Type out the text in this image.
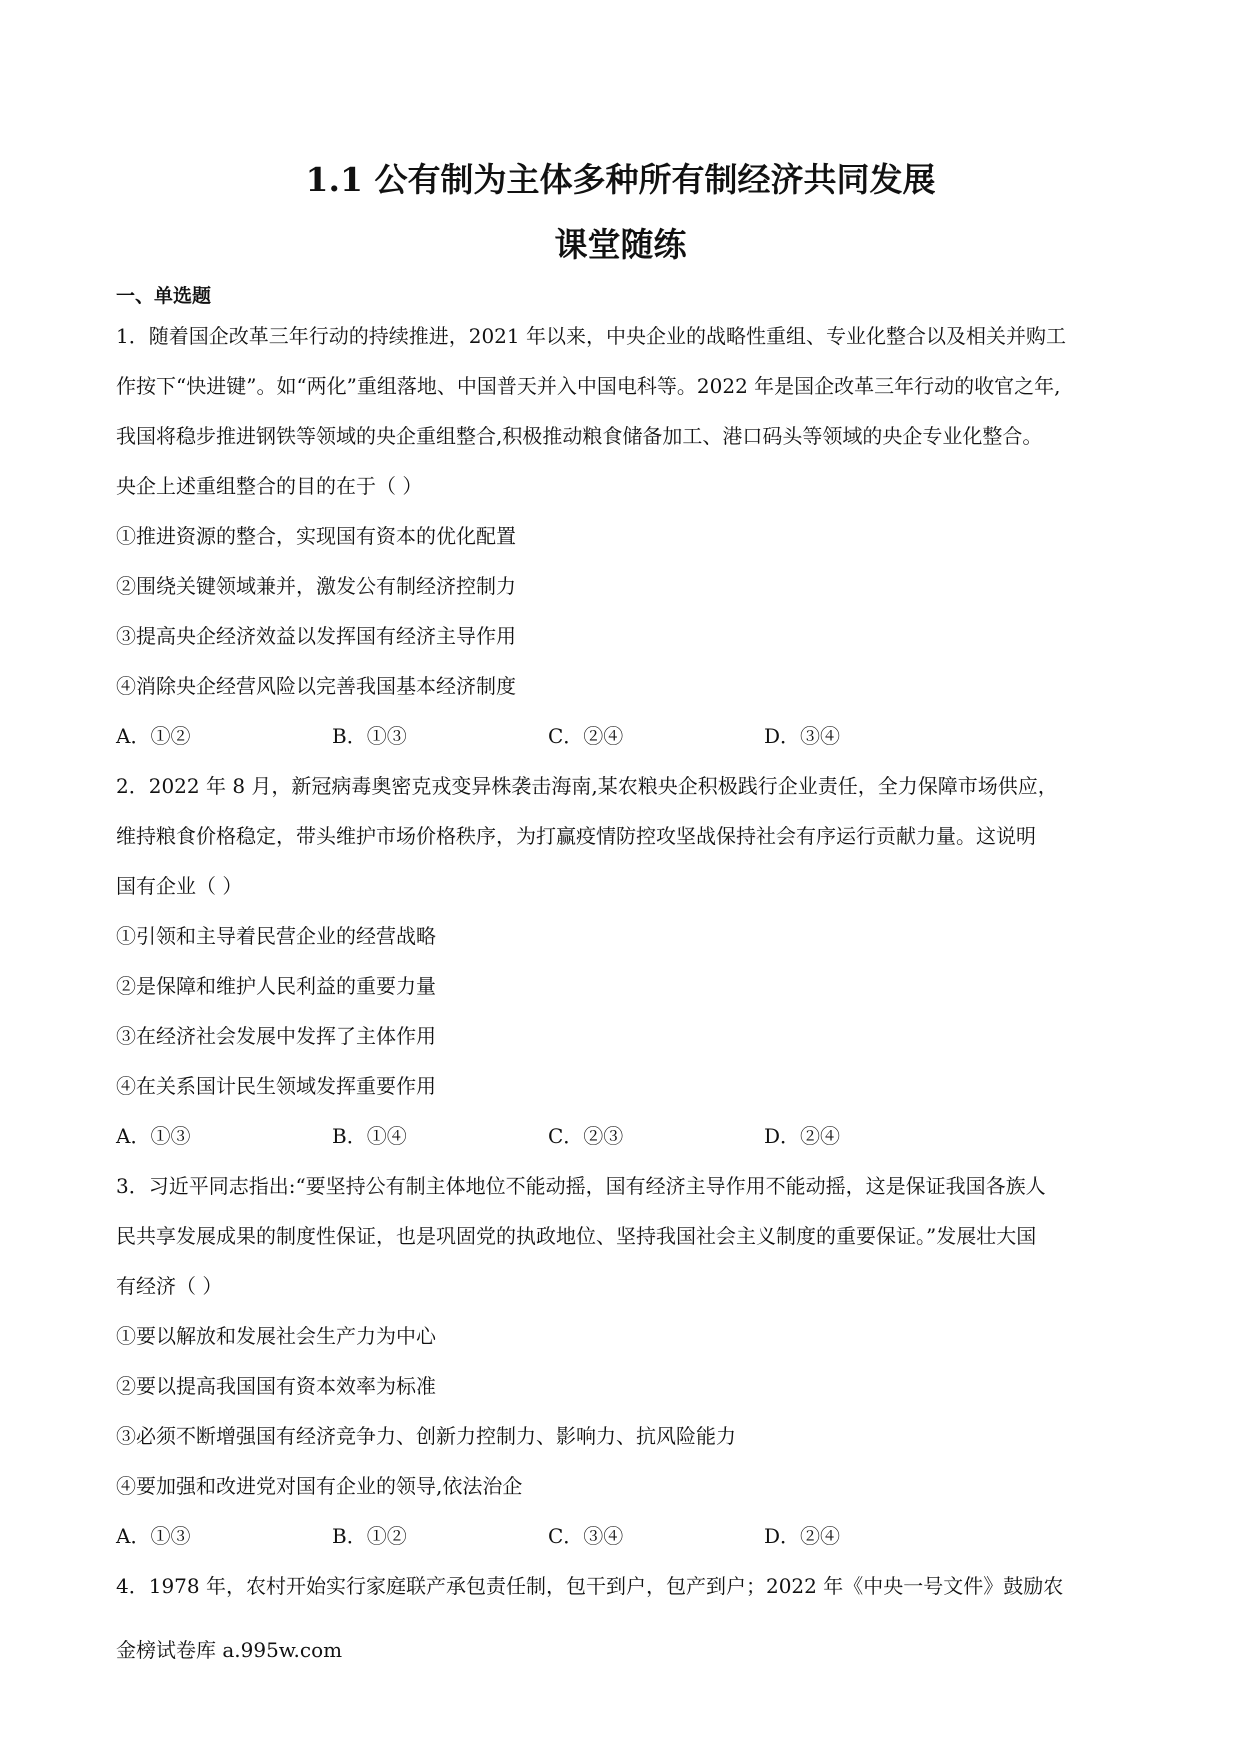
1.1 公有制为主体多种所有制经济共同发展
课堂随练
一、单选题
1．随着国企改革三年行动的持续推进，2021 年以来，中央企业的战略性重组、专业化整合以及相关并购工
作按下“快进键”。如“两化”重组落地、中国普天并入中国电科等。2022 年是国企改革三年行动的收官之年,
我国将稳步推进钢铁等领域的央企重组整合,积极推动粮食储备加工、港口码头等领域的央企专业化整合。
央企上述重组整合的目的在于（ ）
①推进资源的整合，实现国有资本的优化配置
②围绕关键领域兼并，激发公有制经济控制力
③提高央企经济效益以发挥国有经济主导作用
④消除央企经营风险以完善我国基本经济制度
A．①②	B．①③	C．②④	D．③④
2．2022 年 8 月，新冠病毒奥密克戎变异株袭击海南,某农粮央企积极践行企业责任，全力保障市场供应，
维持粮食价格稳定，带头维护市场价格秩序，为打赢疫情防控攻坚战保持社会有序运行贡献力量。这说明
国有企业（ ）
①引领和主导着民营企业的经营战略
②是保障和维护人民利益的重要力量
③在经济社会发展中发挥了主体作用
④在关系国计民生领域发挥重要作用
A．①③	B．①④	C．②③	D．②④
3．习近平同志指出:“要坚持公有制主体地位不能动摇，国有经济主导作用不能动摇，这是保证我国各族人
民共享发展成果的制度性保证，也是巩固党的执政地位、坚持我国社会主义制度的重要保证。”发展壮大国
有经济（ ）
①要以解放和发展社会生产力为中心
②要以提高我国国有资本效率为标准
③必须不断增强国有经济竞争力、创新力控制力、影响力、抗风险能力
④要加强和改进党对国有企业的领导,依法治企
A．①③	B．①②	C．③④	D．②④
4．1978 年，农村开始实行家庭联产承包责任制，包干到户，包产到户；2022 年《中央一号文件》鼓励农
金榜试卷库 a.995w.com
